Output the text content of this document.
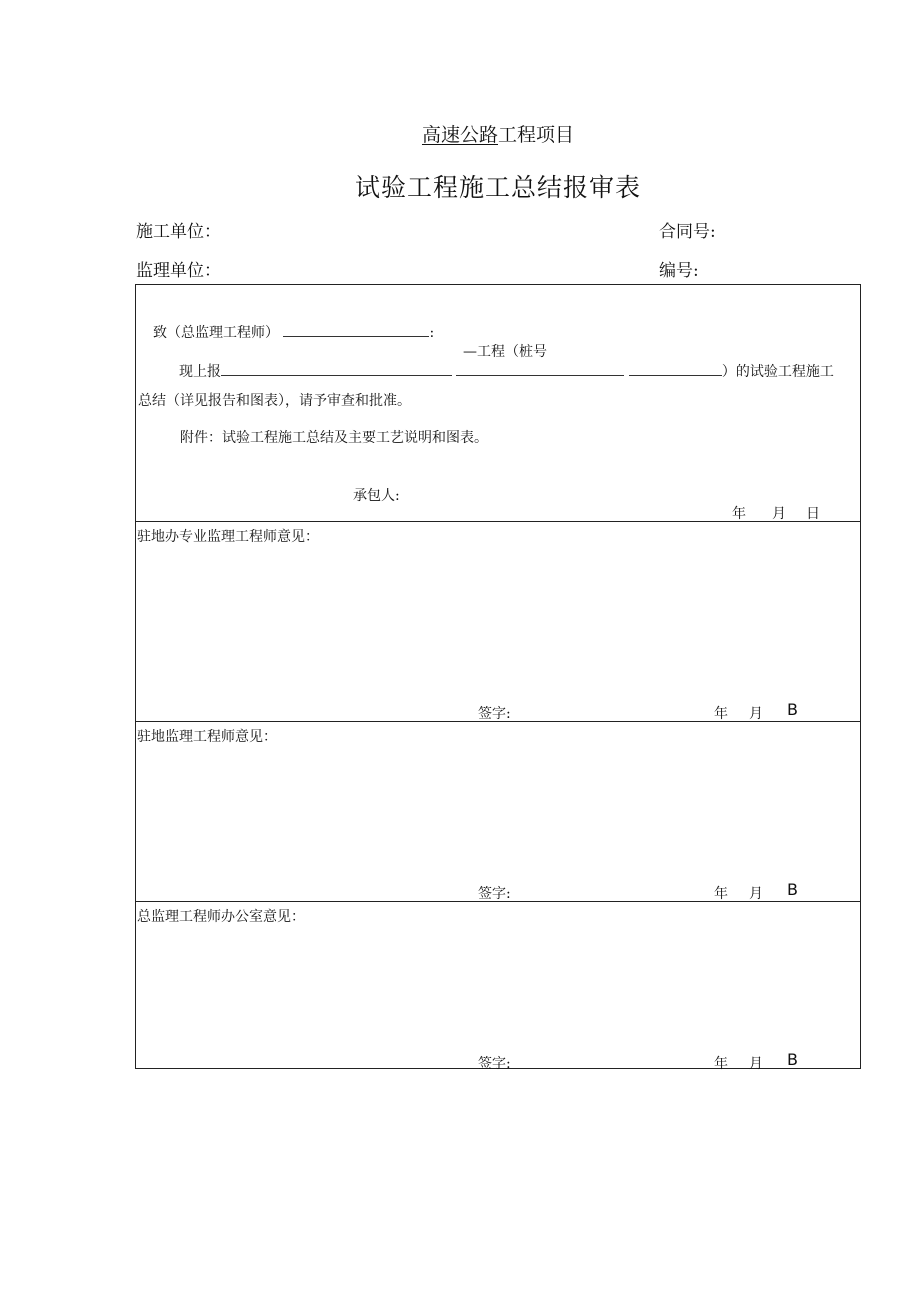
高速公路工程项目
试验工程施工总结报审表
施工单位：	合同号:
监理单位：	编号:
致（总监理工程师）	:
—工程（桩号
现上报	）的试验工程施工
总结（详见报告和图表），请予审查和批准。
附件：试验工程施工总结及主要工艺说明和图表。
承包人:
年 月 日
驻地办专业监理工程师意见：
签字:	年 月 B
驻地监理工程师意见：
签字:	年 月 B
总监理工程师办公室意见：
签字:	年 月 B
